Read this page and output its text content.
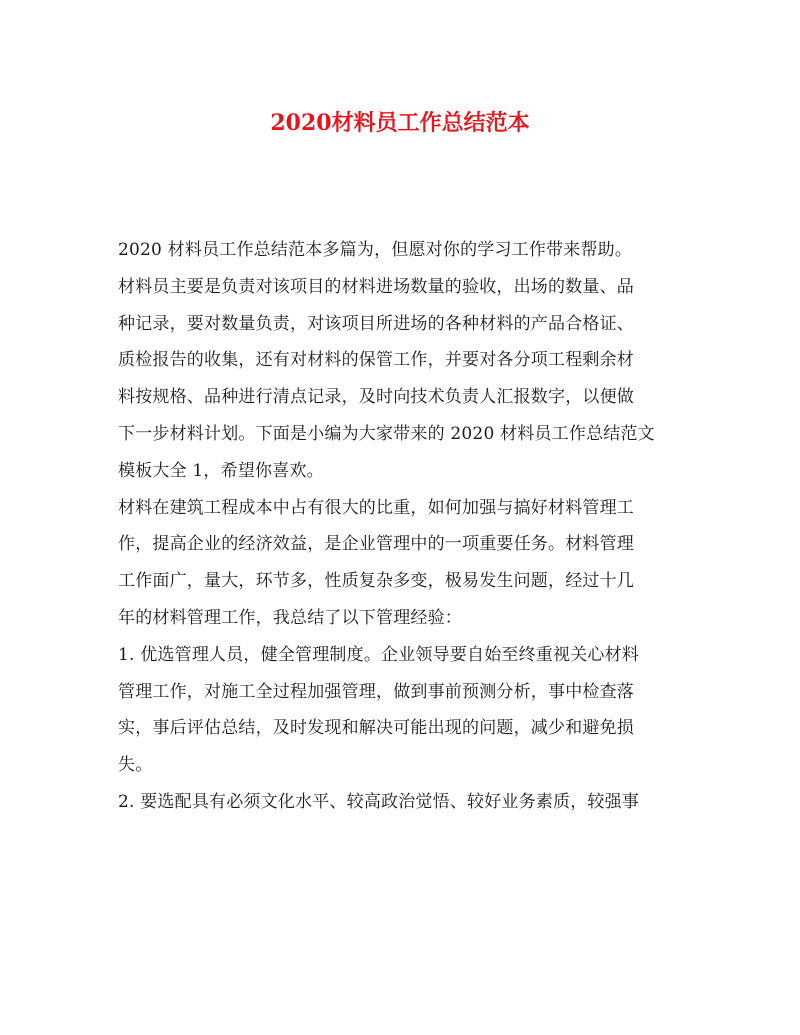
2020材料员工作总结范本
2020 材料员工作总结范本多篇为，但愿对你的学习工作带来帮助。
材料员主要是负责对该项目的材料进场数量的验收，出场的数量、品
种记录，要对数量负责，对该项目所进场的各种材料的产品合格证、
质检报告的收集，还有对材料的保管工作，并要对各分项工程剩余材
料按规格、品种进行清点记录，及时向技术负责人汇报数字，以便做
下一步材料计划。下面是小编为大家带来的 2020 材料员工作总结范文
模板大全 1，希望你喜欢。
材料在建筑工程成本中占有很大的比重，如何加强与搞好材料管理工
作，提高企业的经济效益，是企业管理中的一项重要任务。材料管理
工作面广，量大，环节多，性质复杂多变，极易发生问题，经过十几
年的材料管理工作，我总结了以下管理经验：
1. 优选管理人员，健全管理制度。企业领导要自始至终重视关心材料
管理工作，对施工全过程加强管理，做到事前预测分析，事中检查落
实，事后评估总结，及时发现和解决可能出现的问题，减少和避免损
失。
2. 要选配具有必须文化水平、较高政治觉悟、较好业务素质，较强事
